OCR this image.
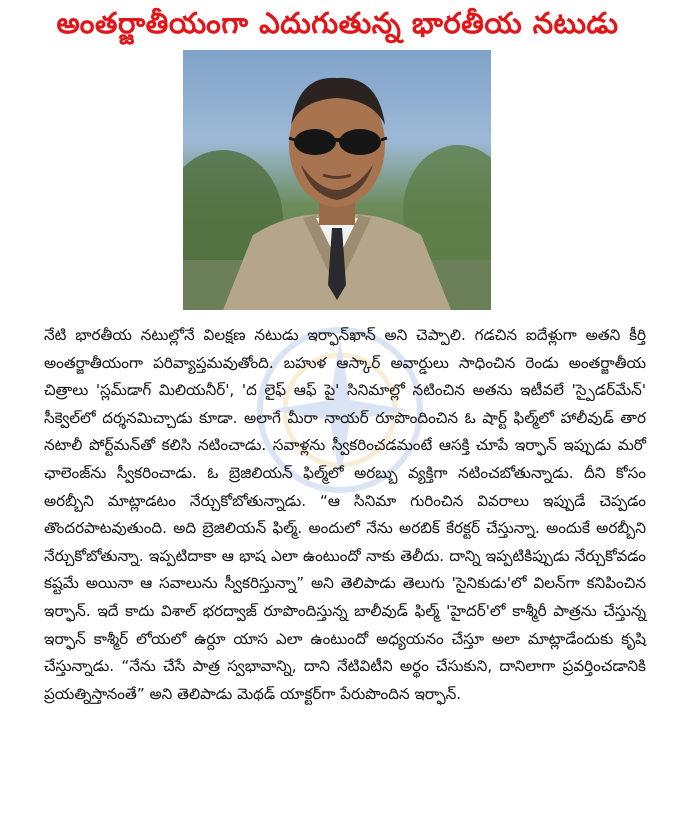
అంతర్జాతీయంగా ఎదుగుతున్న భారతీయ నటుడు

నేటి భారతీయ నటుల్లోనే విలక్షణ నటుడు ఇర్ఫాన్‌ఖాన్ అని చెప్పాలి. గడచిన ఐదేళ్లుగా అతని కీర్తి అంతర్జాతీయంగా పరివ్యాప్తమవుతోంది. బహుళ ఆస్కార్ అవార్డులు సాధించిన రెండు అంతర్జాతీయ చిత్రాలు 'స్లమ్‌డాగ్ మిలియనీర్', 'ద లైఫ్ ఆఫ్ పై' సినిమాల్లో నటించిన అతను ఇటీవలే 'స్పైడర్‌మేన్' సీక్వెల్‌లో దర్శనమిచ్చాడు కూడా. అలాగే మీరా నాయర్ రూపొందించిన ఓ షార్ట్ ఫిల్మ్‌లో హాలీవుడ్ తార నటాలీ పోర్ట్‌మన్‌తో కలిసి నటించాడు. సవాళ్లను స్వీకరించడమంటే ఆసక్తి చూపే ఇర్ఫాన్ ఇప్పుడు మరో ఛాలెంజ్‌ను స్వీకరించాడు. ఓ బ్రెజిలియన్ ఫిల్మ్‌లో అరబ్బు వ్యక్తిగా నటించబోతున్నాడు. దీని కోసం అరబ్బీని మాట్లాడటం నేర్చుకోబోతున్నాడు. “ఆ సినిమా గురించిన వివరాలు ఇప్పుడే చెప్పడం తొందరపాటవుతుంది. అది బ్రెజిలియన్ ఫిల్మ్. అందులో నేను అరబిక్ కేరక్టర్ చేస్తున్నా. అందుకే అరబ్బీని నేర్చుకోబోతున్నా. ఇప్పటిదాకా ఆ భాష ఎలా ఉంటుందో నాకు తెలీదు. దాన్ని ఇప్పటికిప్పుడు నేర్చుకోవడం కష్టమే అయినా ఆ సవాలును స్వీకరిస్తున్నా” అని తెలిపాడు తెలుగు 'సైనికుడు'లో విలన్‌గా కనిపించిన ఇర్ఫాన్. ఇదే కాదు విశాల్ భరద్వాజ్ రూపొందిస్తున్న బాలీవుడ్ ఫిల్మ్ 'హైదర్'లో కాశ్మీరీ పాత్రను చేస్తున్న ఇర్ఫాన్ కాశ్మీర్ లోయలో ఉర్దూ యాస ఎలా ఉంటుందో అధ్యయనం చేస్తూ అలా మాట్లాడేందుకు కృషి చేస్తున్నాడు. “నేను చేసే పాత్ర స్వభావాన్ని, దాని నేటివిటీని అర్థం చేసుకుని, దానిలాగా ప్రవర్తించడానికి ప్రయత్నిస్తానంతే” అని తెలిపాడు మెథడ్ యాక్టర్‌గా పేరుపొందిన ఇర్ఫాన్.
